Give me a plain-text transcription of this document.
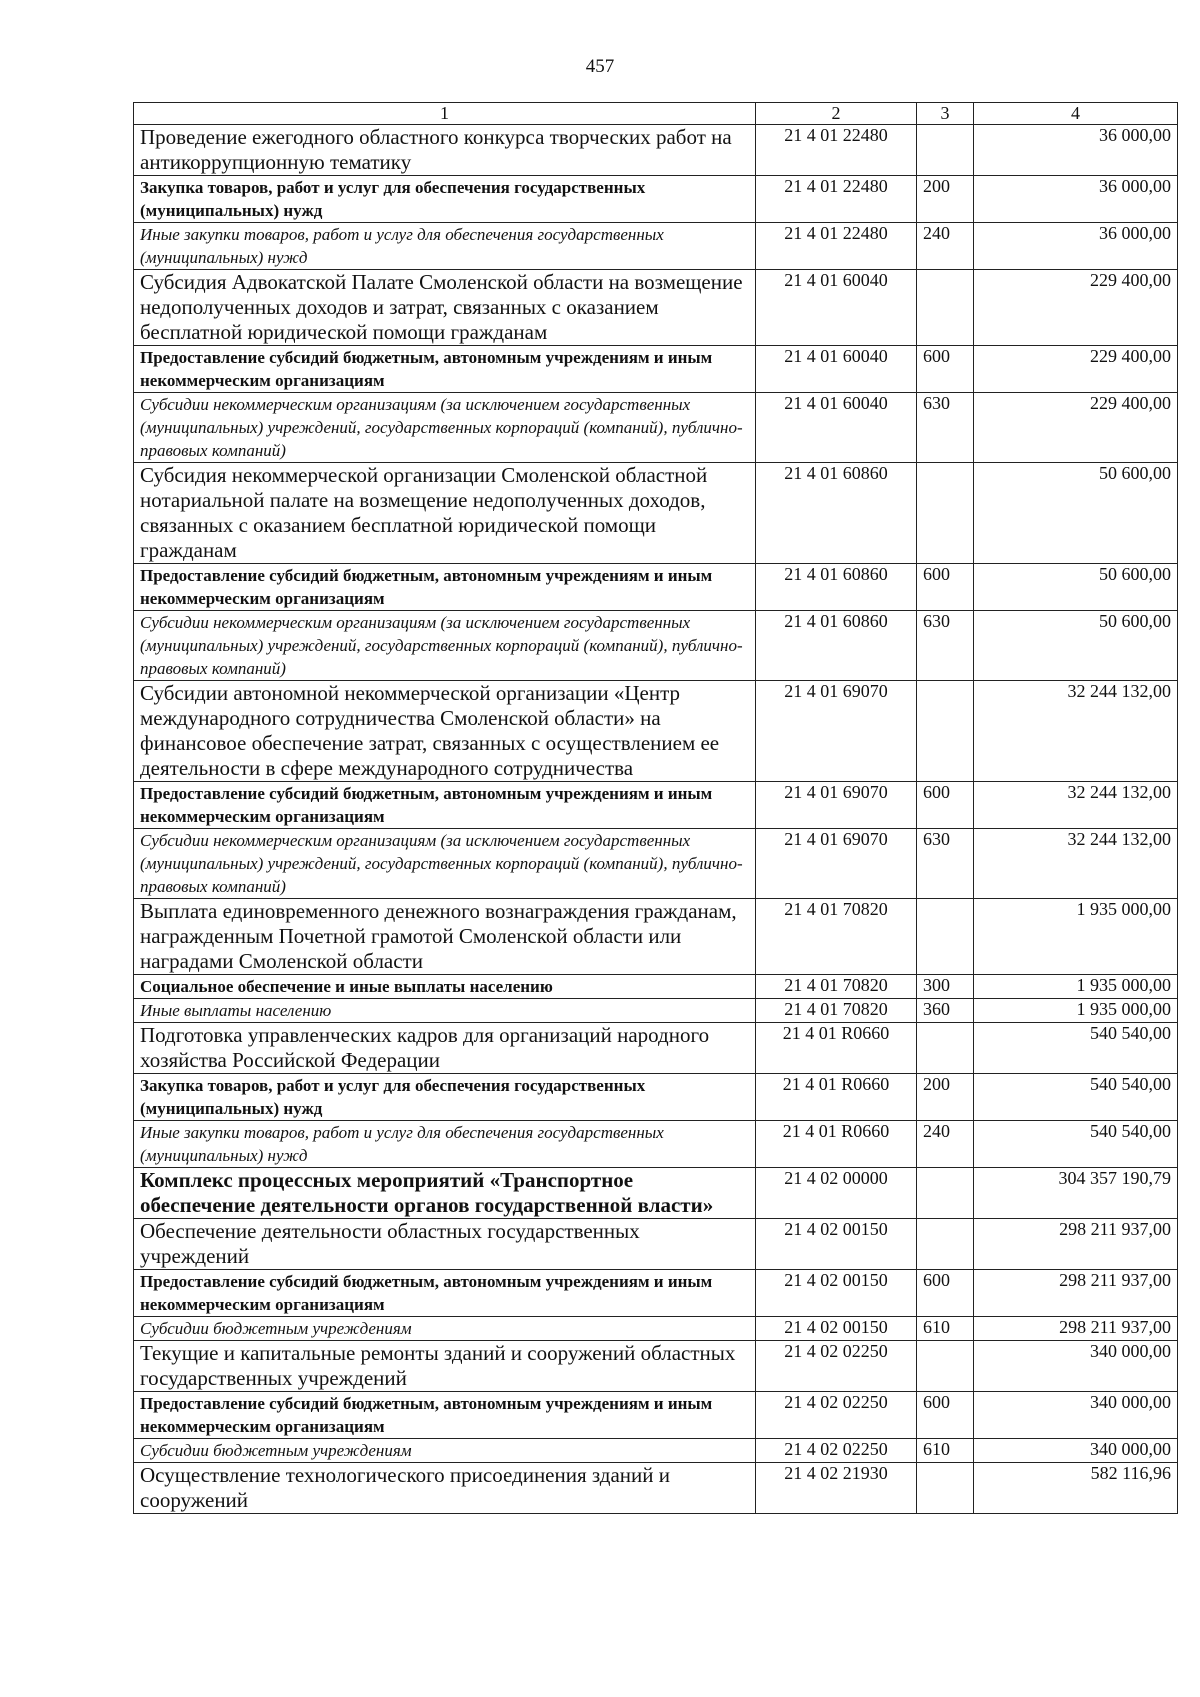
457
1	2	3	4
Проведение ежегодного областного конкурса творческих работ на антикоррупционную тематику	21 4 01 22480		36 000,00
Закупка товаров, работ и услуг для обеспечения государственных (муниципальных) нужд	21 4 01 22480	200	36 000,00
Иные закупки товаров, работ и услуг для обеспечения государственных (муниципальных) нужд	21 4 01 22480	240	36 000,00
Субсидия Адвокатской Палате Смоленской области на возмещение недополученных доходов и затрат, связанных с оказанием бесплатной юридической помощи гражданам	21 4 01 60040		229 400,00
Предоставление субсидий бюджетным, автономным учреждениям и иным некоммерческим организациям	21 4 01 60040	600	229 400,00
Субсидии некоммерческим организациям (за исключением государственных (муниципальных) учреждений, государственных корпораций (компаний), публично-правовых компаний)	21 4 01 60040	630	229 400,00
Субсидия некоммерческой организации Смоленской областной нотариальной палате на возмещение недополученных доходов, связанных с оказанием бесплатной юридической помощи гражданам	21 4 01 60860		50 600,00
Предоставление субсидий бюджетным, автономным учреждениям и иным некоммерческим организациям	21 4 01 60860	600	50 600,00
Субсидии некоммерческим организациям (за исключением государственных (муниципальных) учреждений, государственных корпораций (компаний), публично-правовых компаний)	21 4 01 60860	630	50 600,00
Субсидии автономной некоммерческой организации «Центр международного сотрудничества Смоленской области» на финансовое обеспечение затрат, связанных с осуществлением ее деятельности в сфере международного сотрудничества	21 4 01 69070		32 244 132,00
Предоставление субсидий бюджетным, автономным учреждениям и иным некоммерческим организациям	21 4 01 69070	600	32 244 132,00
Субсидии некоммерческим организациям (за исключением государственных (муниципальных) учреждений, государственных корпораций (компаний), публично-правовых компаний)	21 4 01 69070	630	32 244 132,00
Выплата единовременного денежного вознаграждения гражданам, награжденным Почетной грамотой Смоленской области или наградами Смоленской области	21 4 01 70820		1 935 000,00
Социальное обеспечение и иные выплаты населению	21 4 01 70820	300	1 935 000,00
Иные выплаты населению	21 4 01 70820	360	1 935 000,00
Подготовка управленческих кадров для организаций народного хозяйства Российской Федерации	21 4 01 R0660		540 540,00
Закупка товаров, работ и услуг для обеспечения государственных (муниципальных) нужд	21 4 01 R0660	200	540 540,00
Иные закупки товаров, работ и услуг для обеспечения государственных (муниципальных) нужд	21 4 01 R0660	240	540 540,00
Комплекс процессных мероприятий «Транспортное обеспечение деятельности органов государственной власти»	21 4 02 00000		304 357 190,79
Обеспечение деятельности областных государственных учреждений	21 4 02 00150		298 211 937,00
Предоставление субсидий бюджетным, автономным учреждениям и иным некоммерческим организациям	21 4 02 00150	600	298 211 937,00
Субсидии бюджетным учреждениям	21 4 02 00150	610	298 211 937,00
Текущие и капитальные ремонты зданий и сооружений областных государственных учреждений	21 4 02 02250		340 000,00
Предоставление субсидий бюджетным, автономным учреждениям и иным некоммерческим организациям	21 4 02 02250	600	340 000,00
Субсидии бюджетным учреждениям	21 4 02 02250	610	340 000,00
Осуществление технологического присоединения зданий и сооружений	21 4 02 21930		582 116,96
